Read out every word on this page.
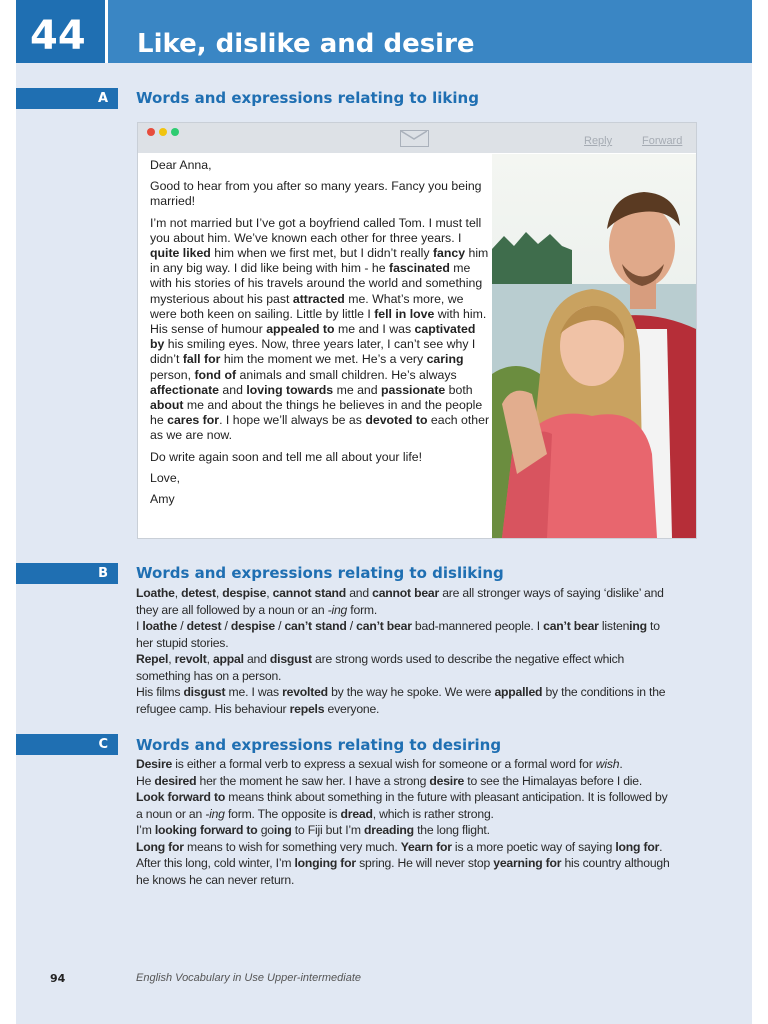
44 Like, dislike and desire
A Words and expressions relating to liking
Reply	Forward

Dear Anna,

Good to hear from you after so many years. Fancy you being married!

I’m not married but I’ve got a boyfriend called Tom. I must tell you about him. We’ve known each other for three years. I quite liked him when we first met, but I didn’t really fancy him in any big way. I did like being with him - he fascinated me with his stories of his travels around the world and something mysterious about his past attracted me. What’s more, we were both keen on sailing. Little by little I fell in love with him. His sense of humour appealed to me and I was captivated by his smiling eyes. Now, three years later, I can’t see why I didn’t fall for him the moment we met. He’s a very caring person, fond of animals and small children. He’s always affectionate and loving towards me and passionate both about me and about the things he believes in and the people he cares for. I hope we’ll always be as devoted to each other as we are now.

Do write again soon and tell me all about your life!

Love,

Amy

B Words and expressions relating to disliking

Loathe, detest, despise, cannot stand and cannot bear are all stronger ways of saying ‘dislike’ and they are all followed by a noun or an -ing form.

I loathe / detest / despise / can’t stand / can’t bear bad-mannered people. I can’t bear listening to her stupid stories.

Repel, revolt, appal and disgust are strong words used to describe the negative effect which something has on a person.

His films disgust me. I was revolted by the way he spoke. We were appalled by the conditions in the refugee camp. His behaviour repels everyone.

C Words and expressions relating to desiring

Desire is either a formal verb to express a sexual wish for someone or a formal word for wish.

He desired her the moment he saw her. I have a strong desire to see the Himalayas before I die.

Look forward to means think about something in the future with pleasant anticipation. It is followed by a noun or an -ing form. The opposite is dread, which is rather strong.

I’m looking forward to going to Fiji but I’m dreading the long flight.

Long for means to wish for something very much. Yearn for is a more poetic way of saying long for.

After this long, cold winter, I’m longing for spring. He will never stop yearning for his country although he knows he can never return.

94	English Vocabulary in Use Upper-intermediate
